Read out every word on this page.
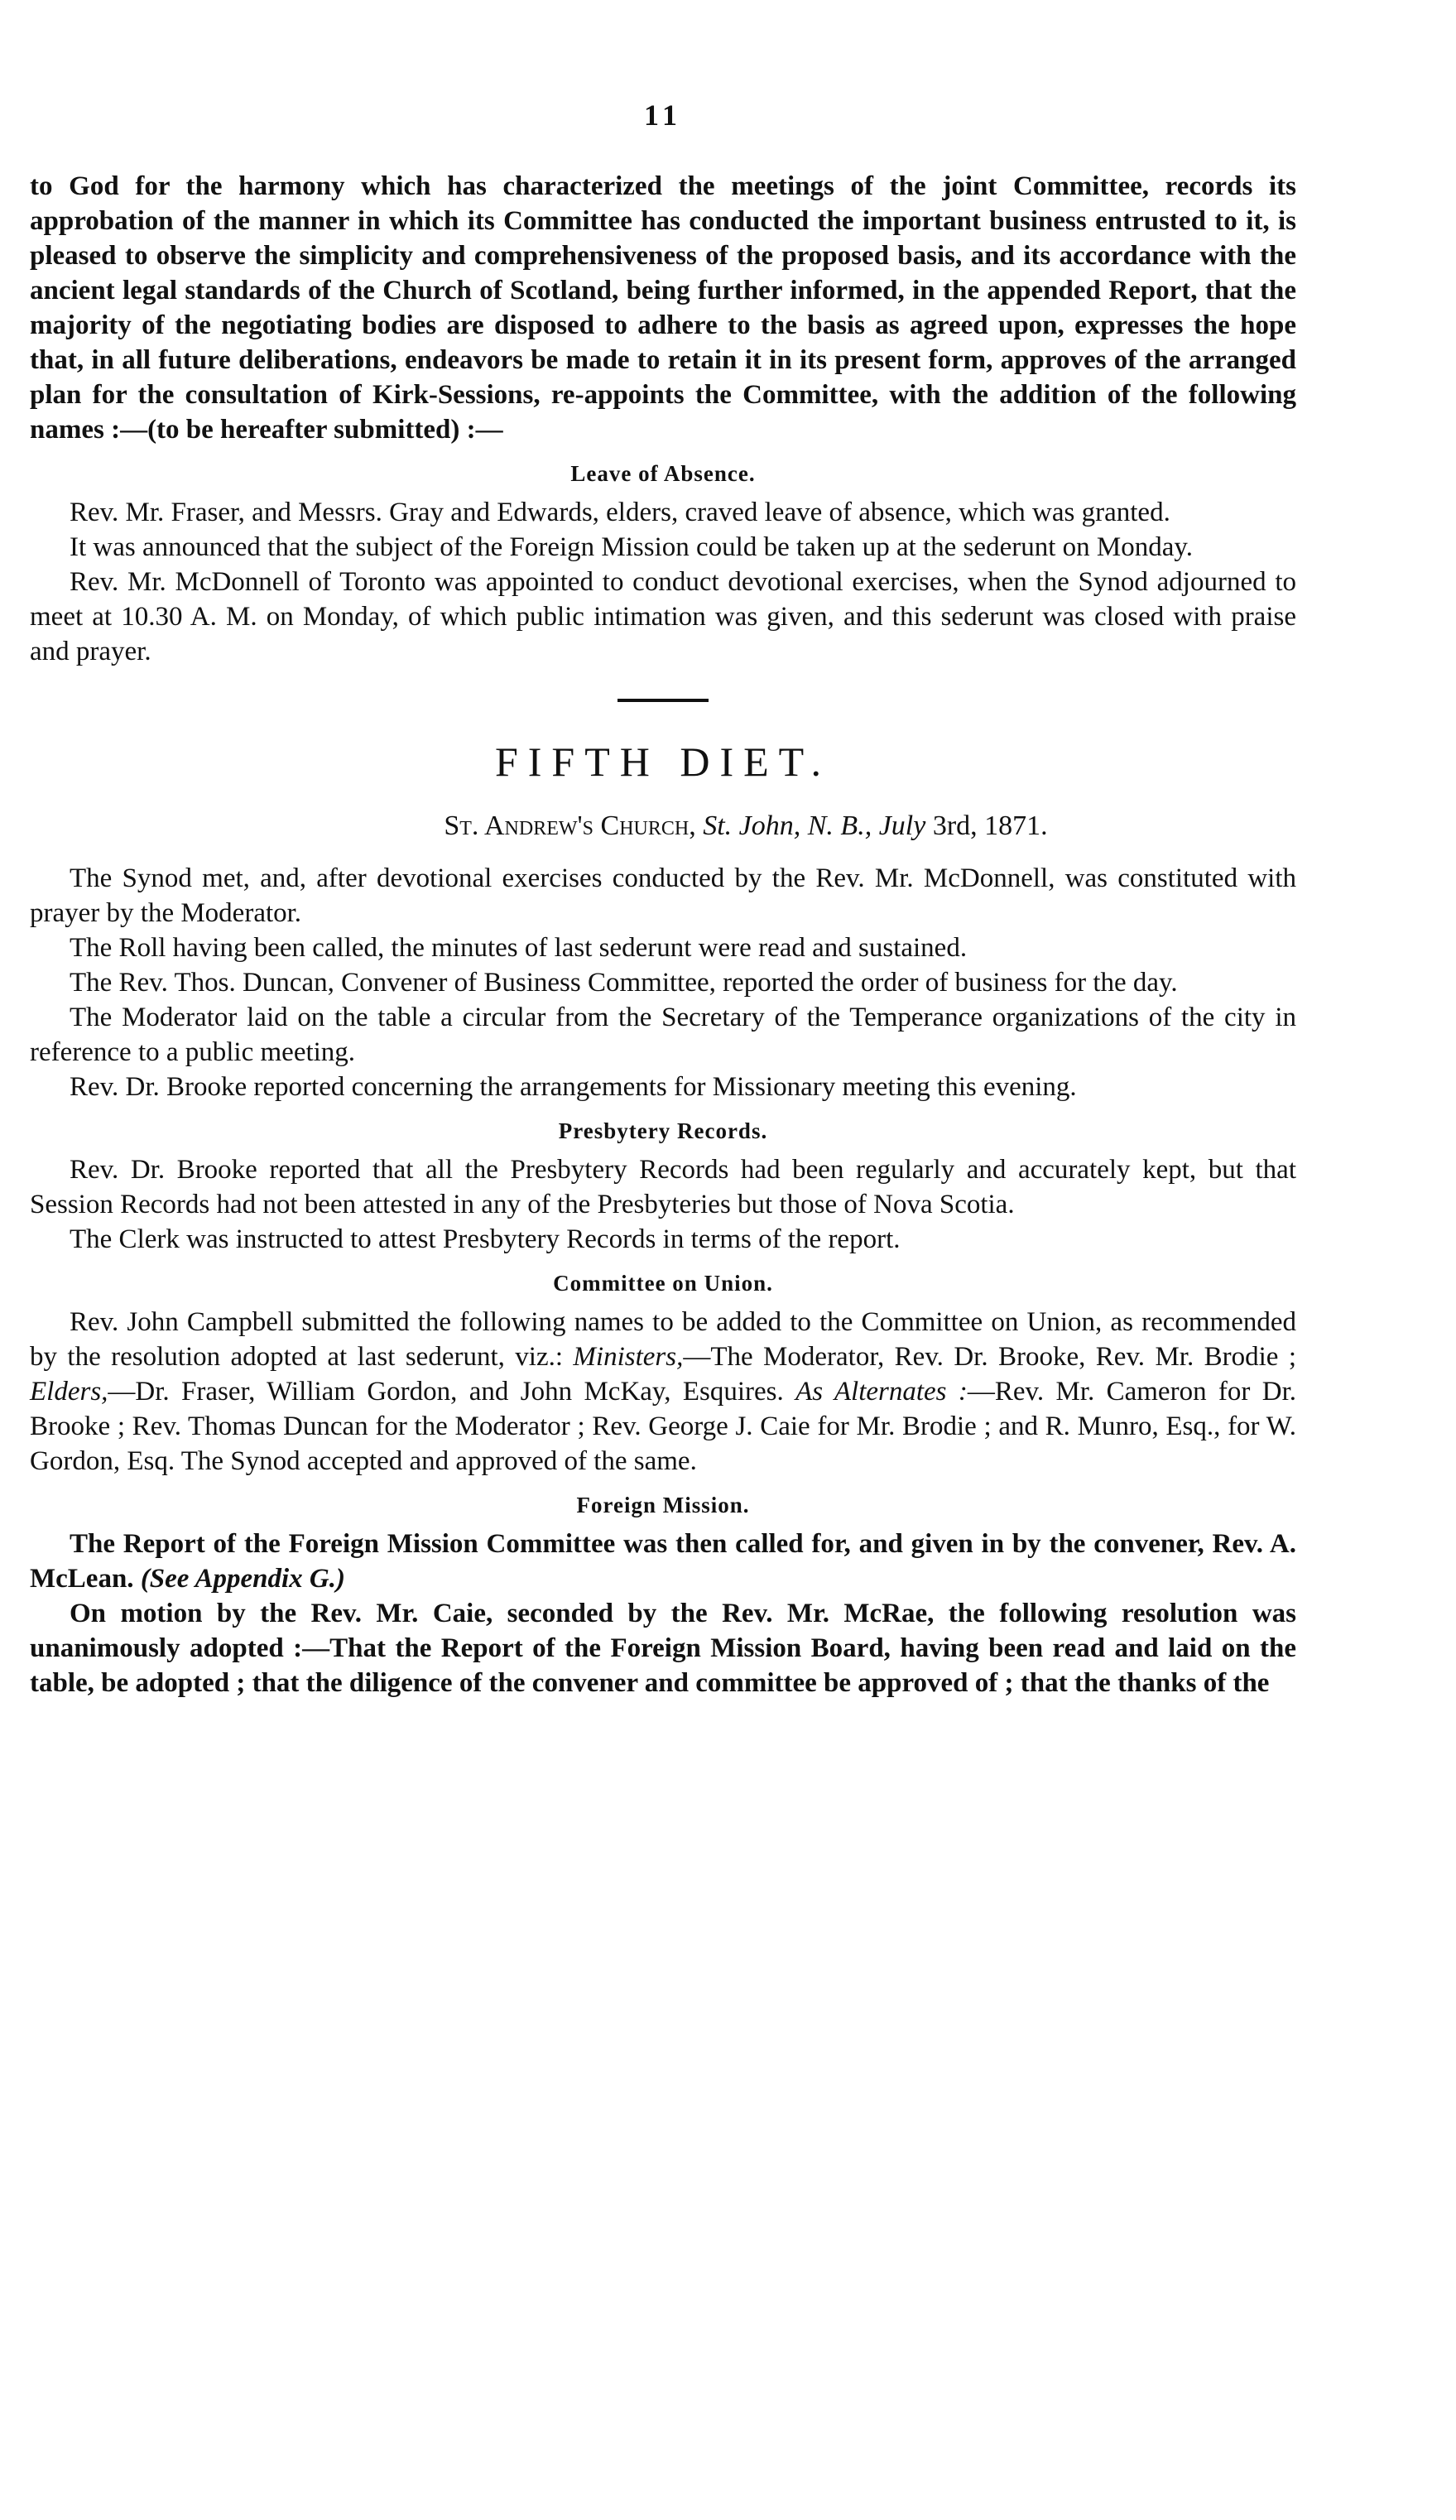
11

to God for the harmony which has characterized the meetings of the joint Committee, records its approbation of the manner in which its Committee has conducted the important business entrusted to it, is pleased to observe the simplicity and comprehensiveness of the proposed basis, and its accordance with the ancient legal standards of the Church of Scotland, being further informed, in the appended Report, that the majority of the negotiating bodies are disposed to adhere to the basis as agreed upon, expresses the hope that, in all future deliberations, endeavors be made to retain it in its present form, approves of the arranged plan for the consultation of Kirk-Sessions, re-appoints the Committee, with the addition of the following names :—(to be hereafter submitted) :—

Leave of Absence.

Rev. Mr. Fraser, and Messrs. Gray and Edwards, elders, craved leave of absence, which was granted.

It was announced that the subject of the Foreign Mission could be taken up at the sederunt on Monday.

Rev. Mr. McDonnell of Toronto was appointed to conduct devotional exercises, when the Synod adjourned to meet at 10.30 A. M. on Monday, of which public intimation was given, and this sederunt was closed with praise and prayer.

FIFTH DIET.
St. Andrew's Church, St. John, N. B., July 3rd, 1871.

The Synod met, and, after devotional exercises conducted by the Rev. Mr. McDonnell, was constituted with prayer by the Moderator.

The Roll having been called, the minutes of last sederunt were read and sustained.

The Rev. Thos. Duncan, Convener of Business Committee, reported the order of business for the day.

The Moderator laid on the table a circular from the Secretary of the Temperance organizations of the city in reference to a public meeting.

Rev. Dr. Brooke reported concerning the arrangements for Missionary meeting this evening.

Presbytery Records.

Rev. Dr. Brooke reported that all the Presbytery Records had been regularly and accurately kept, but that Session Records had not been attested in any of the Presbyteries but those of Nova Scotia.

The Clerk was instructed to attest Presbytery Records in terms of the report.

Committee on Union.

Rev. John Campbell submitted the following names to be added to the Committee on Union, as recommended by the resolution adopted at last sederunt, viz.: Ministers,—The Moderator, Rev. Dr. Brooke, Rev. Mr. Brodie ; Elders,—Dr. Fraser, William Gordon, and John McKay, Esquires. As Alternates :—Rev. Mr. Cameron for Dr. Brooke ; Rev. Thomas Duncan for the Moderator ; Rev. George J. Caie for Mr. Brodie ; and R. Munro, Esq., for W. Gordon, Esq. The Synod accepted and approved of the same.

Foreign Mission.

The Report of the Foreign Mission Committee was then called for, and given in by the convener, Rev. A. McLean. (See Appendix G.)

On motion by the Rev. Mr. Caie, seconded by the Rev. Mr. McRae, the following resolution was unanimously adopted :—That the Report of the Foreign Mission Board, having been read and laid on the table, be adopted ; that the diligence of the convener and committee be approved of ; that the thanks of the
